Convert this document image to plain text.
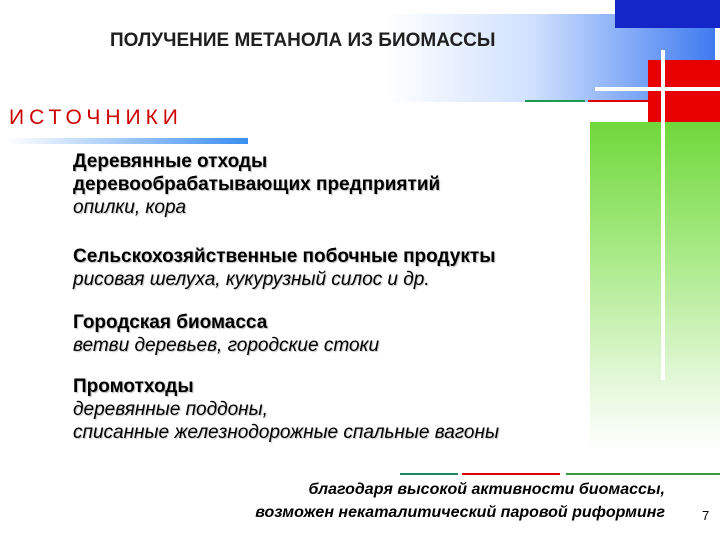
ПОЛУЧЕНИЕ МЕТАНОЛА ИЗ БИОМАССЫ
ИСТОЧНИКИ
Деревянные отходы
деревообрабатывающих предприятий
опилки, кора
Сельскохозяйственные побочные продукты
рисовая шелуха, кукурузный силос и др.
Городская биомасса
ветви деревьев, городские стоки
Промотходы
деревянные поддоны,
списанные железнодорожные спальные вагоны
благодаря высокой активности биомассы,
возможен некаталитический паровой риформинг	7
